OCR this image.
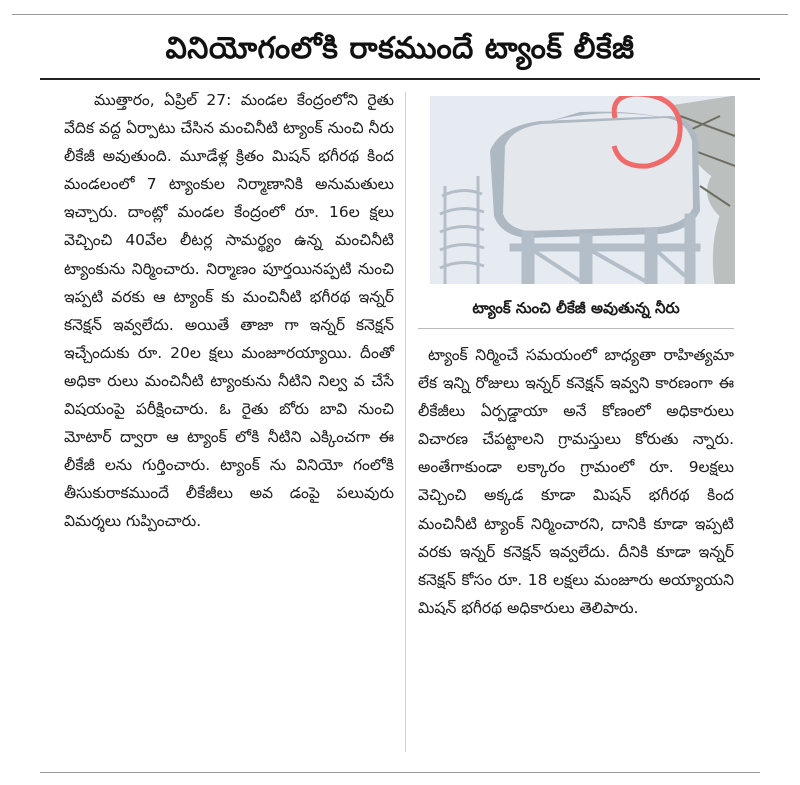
వినియోగంలోకి రాకముందే ట్యాంక్ లీకేజీ

ముత్తారం, ఏప్రిల్ 27: మండల కేంద్రంలోని రైతు వేదిక వద్ద ఏర్పాటు చేసిన మంచినీటి ట్యాంక్ నుంచి నీరు లీకేజీ అవుతుంది. మూడేళ్ల క్రితం మిషన్ భగీరథ కింద మండలంలో 7 ట్యాంకుల నిర్మాణానికి అనుమతులు ఇచ్చారు. దాంట్లో మండల కేంద్రంలో రూ. 16ల క్షలు వెచ్చించి 40వేల లీటర్ల సామర్థ్యం ఉన్న మంచినీటి ట్యాంకును నిర్మించారు. నిర్మాణం పూర్తయినప్పటి నుంచి ఇప్పటి వరకు ఆ ట్యాంక్ కు మంచినీటి భగీరథ ఇన్నర్ కనెక్షన్ ఇవ్వలేదు. అయితే తాజా గా ఇన్నర్ కనెక్షన్ ఇచ్చేందుకు రూ. 20ల క్షలు మంజూరయ్యాయి. దీంతో అధికా రులు మంచినీటి ట్యాంకును నీటిని నిల్వ వ చేసే విషయంపై పరీక్షించారు. ఓ రైతు బోరు బావి నుంచి మోటార్ ద్వారా ఆ ట్యాంక్ లోకి నీటిని ఎక్కించగా ఈ లీకేజీ లను గుర్తించారు. ట్యాంక్ ను వినియో గంలోకి తీసుకురాకముందే లీకేజీలు అవ డంపై పలువురు విమర్శలు గుప్పించారు.

ట్యాంక్ నుంచి లీకేజీ అవుతున్న నీరు

ట్యాంక్ నిర్మించే సమయంలో బాధ్యతా రాహిత్యమా లేక ఇన్ని రోజులు ఇన్నర్ కనెక్షన్ ఇవ్వని కారణంగా ఈ లీకేజీలు ఏర్పడ్డాయా అనే కోణంలో అధికారులు విచారణ చేపట్టాలని గ్రామస్తులు కోరుతు న్నారు. అంతేగాకుండా లక్కారం గ్రామంలో రూ. 9లక్షలు వెచ్చించి అక్కడ కూడా మిషన్ భగీరథ కింద మంచినీటి ట్యాంక్ నిర్మించారని, దానికి కూడా ఇప్పటి వరకు ఇన్నర్ కనెక్షన్ ఇవ్వలేదు. దీనికి కూడా ఇన్నర్ కనెక్షన్ కోసం రూ. 18 లక్షలు మంజూరు అయ్యాయని మిషన్ భగీరథ అధికారులు తెలిపారు.
